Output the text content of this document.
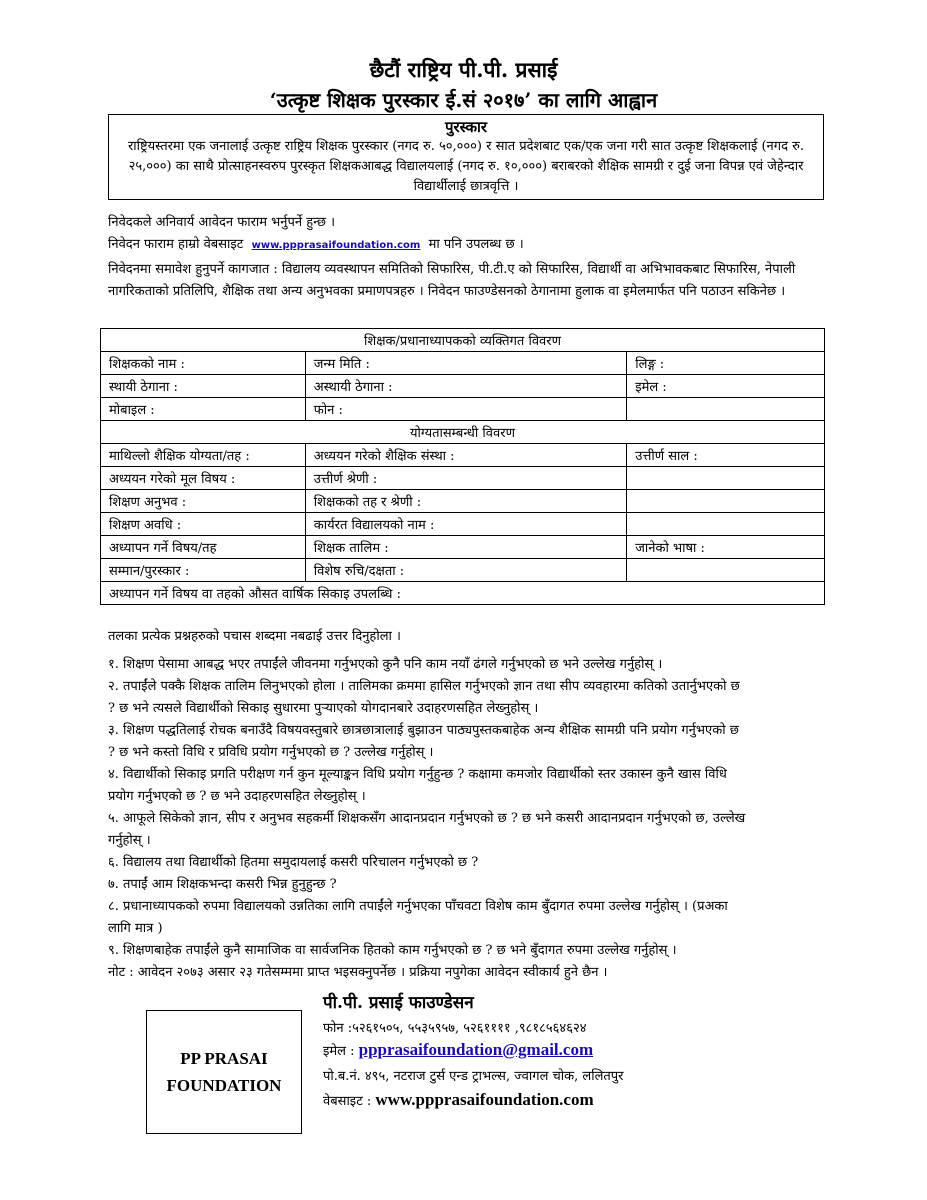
छैटौं राष्ट्रिय पी.पी. प्रसाई
‘उत्कृष्ट शिक्षक पुरस्कार ई.सं २०१७’ का लागि आह्वान
पुरस्कार
राष्ट्रियस्तरमा एक जनालाई उत्कृष्ट राष्ट्रिय शिक्षक पुरस्कार (नगद रु. ५०,०००) र सात प्रदेशबाट एक/एक जना गरी सात उत्कृष्ट शिक्षकलाई (नगद रु. २५,०००) का साथै प्रोत्साहनस्वरुप पुरस्कृत शिक्षकआबद्ध विद्यालयलाई (नगद रु. १०,०००) बराबरको शैक्षिक सामग्री र दुई जना विपन्न एवं जेहेन्दार विद्यार्थीलाई छात्रवृत्ति ।
निवेदकले अनिवार्य आवेदन फाराम भर्नुपर्ने हुन्छ ।
निवेदन फाराम हाम्रो वेबसाइट www.ppprasaifoundation.com मा पनि उपलब्ध छ ।
निवेदनमा समावेश हुनुपर्ने कागजात : विद्यालय व्यवस्थापन समितिको सिफारिस, पी.टी.ए को सिफारिस, विद्यार्थी वा अभिभावकबाट सिफारिस, नेपाली नागरिकताको प्रतिलिपि, शैक्षिक तथा अन्य अनुभवका प्रमाणपत्रहरु । निवेदन फाउण्डेसनको ठेगानामा हुलाक वा इमेलमार्फत पनि पठाउन सकिनेछ ।
शिक्षक/प्रधानाध्यापकको व्यक्तिगत विवरण		
शिक्षकको नाम :	जन्म मिति :	लिङ्ग :
स्थायी ठेगाना :	अस्थायी ठेगाना :	इमेल :
मोबाइल :	फोन :	
योग्यतासम्बन्धी विवरण		
माथिल्लो शैक्षिक योग्यता/तह :	अध्ययन गरेको शैक्षिक संस्था :	उत्तीर्ण साल :
अध्ययन गरेको मूल विषय :	उत्तीर्ण श्रेणी :	
शिक्षण अनुभव :	शिक्षकको तह र श्रेणी :	
शिक्षण अवधि :	कार्यरत विद्यालयको नाम :	
अध्यापन गर्ने विषय/तह	शिक्षक तालिम :	जानेको भाषा :
सम्मान/पुरस्कार :	विशेष रुचि/दक्षता :	
अध्यापन गर्ने विषय वा तहको औसत वार्षिक सिकाइ उपलब्धि :		
तलका प्रत्येक प्रश्नहरुको पचास शब्दमा नबढाई उत्तर दिनुहोला ।
१. शिक्षण पेसामा आबद्ध भएर तपाईंले जीवनमा गर्नुभएको कुनै पनि काम नयाँ ढंगले गर्नुभएको छ भने उल्लेख गर्नुहोस् ।
२. तपाईंले पक्कै शिक्षक तालिम लिनुभएको होला । तालिमका क्रममा हासिल गर्नुभएको ज्ञान तथा सीप व्यवहारमा कतिको उतार्नुभएको छ
? छ भने त्यसले विद्यार्थीको सिकाइ सुधारमा पुर्‍याएको योगदानबारे उदाहरणसहित लेख्नुहोस् ।
३. शिक्षण पद्धतिलाई रोचक बनाउँदै विषयवस्तुबारे छात्रछात्रालाई बुझाउन पाठ्यपुस्तकबाहेक अन्य शैक्षिक सामग्री पनि प्रयोग गर्नुभएको छ
? छ भने कस्तो विधि र प्रविधि प्रयोग गर्नुभएको छ ? उल्लेख गर्नुहोस् ।
४. विद्यार्थीको सिकाइ प्रगति परीक्षण गर्न कुन मूल्याङ्कन विधि प्रयोग गर्नुहुन्छ ? कक्षामा कमजोर विद्यार्थीको स्तर उकास्न कुनै खास विधि
प्रयोग गर्नुभएको छ ? छ भने उदाहरणसहित लेख्नुहोस् ।
५. आफूले सिकेको ज्ञान, सीप र अनुभव सहकर्मी शिक्षकसँग आदानप्रदान गर्नुभएको छ ? छ भने कसरी आदानप्रदान गर्नुभएको छ, उल्लेख
गर्नुहोस् ।
६. विद्यालय तथा विद्यार्थीको हितमा समुदायलाई कसरी परिचालन गर्नुभएको छ ?
७. तपाईं आम शिक्षकभन्दा कसरी भिन्न हुनुहुन्छ ?
८. प्रधानाध्यापकको रुपमा विद्यालयको उन्नतिका लागि तपाईंले गर्नुभएका पाँचवटा विशेष काम बुँदागत रुपमा उल्लेख गर्नुहोस् । (प्रअका
लागि मात्र )
९. शिक्षणबाहेक तपाईंले कुनै सामाजिक वा सार्वजनिक हितको काम गर्नुभएको छ ? छ भने बुँदागत रुपमा उल्लेख गर्नुहोस् ।
नोट : आवेदन २०७३ असार २३ गतेसम्ममा प्राप्त भइसक्नुपर्नेछ । प्रक्रिया नपुगेका आवेदन स्वीकार्य हुने छैन ।
PP PRASAI
FOUNDATION
पी.पी. प्रसाई फाउण्डेसन
फोन :५२६१५०५, ५५३५९५७, ५२६११११ ,९८१८५६४६२४
इमेल : ppprasaifoundation@gmail.com
पो.ब.नं. ४९५, नटराज टुर्स एन्ड ट्राभल्स, ज्वागल चोक, ललितपुर
वेबसाइट : www.ppprasaifoundation.com
